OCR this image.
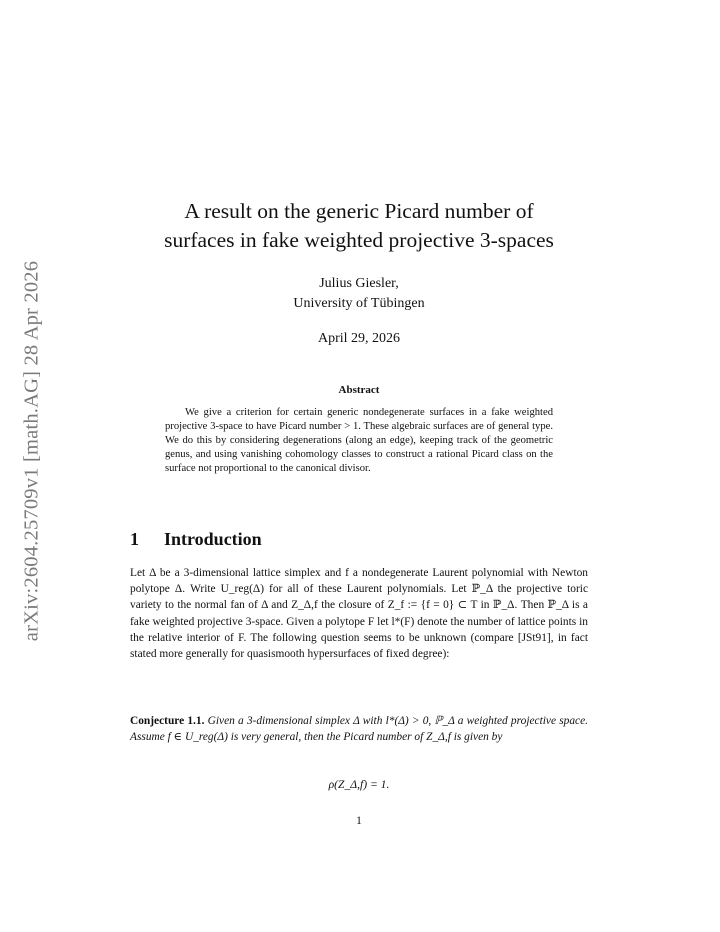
arXiv:2604.25709v1 [math.AG] 28 Apr 2026
A result on the generic Picard number of
surfaces in fake weighted projective 3-spaces
Julius Giesler,
University of Tübingen
April 29, 2026
Abstract
We give a criterion for certain generic nondegenerate surfaces in a fake weighted projective 3-space to have Picard number > 1. These algebraic surfaces are of general type. We do this by considering degenerations (along an edge), keeping track of the geometric genus, and using vanishing cohomology classes to construct a rational Picard class on the surface not proportional to the canonical divisor.
1 Introduction
Let Δ be a 3-dimensional lattice simplex and f a nondegenerate Laurent polynomial with Newton polytope Δ. Write U_reg(Δ) for all of these Laurent polynomials. Let ℙ_Δ the projective toric variety to the normal fan of Δ and Z_Δ,f the closure of Z_f := {f = 0} ⊂ T in ℙ_Δ. Then ℙ_Δ is a fake weighted projective 3-space. Given a polytope F let l*(F) denote the number of lattice points in the relative interior of F. The following question seems to be unknown (compare [JSt91], in fact stated more generally for quasismooth hypersurfaces of fixed degree):
Conjecture 1.1. Given a 3-dimensional simplex Δ with l*(Δ) > 0, ℙ_Δ a weighted projective space. Assume f ∈ U_reg(Δ) is very general, then the Picard number of Z_Δ,f is given by
ρ(Z_Δ,f) = 1.
1
